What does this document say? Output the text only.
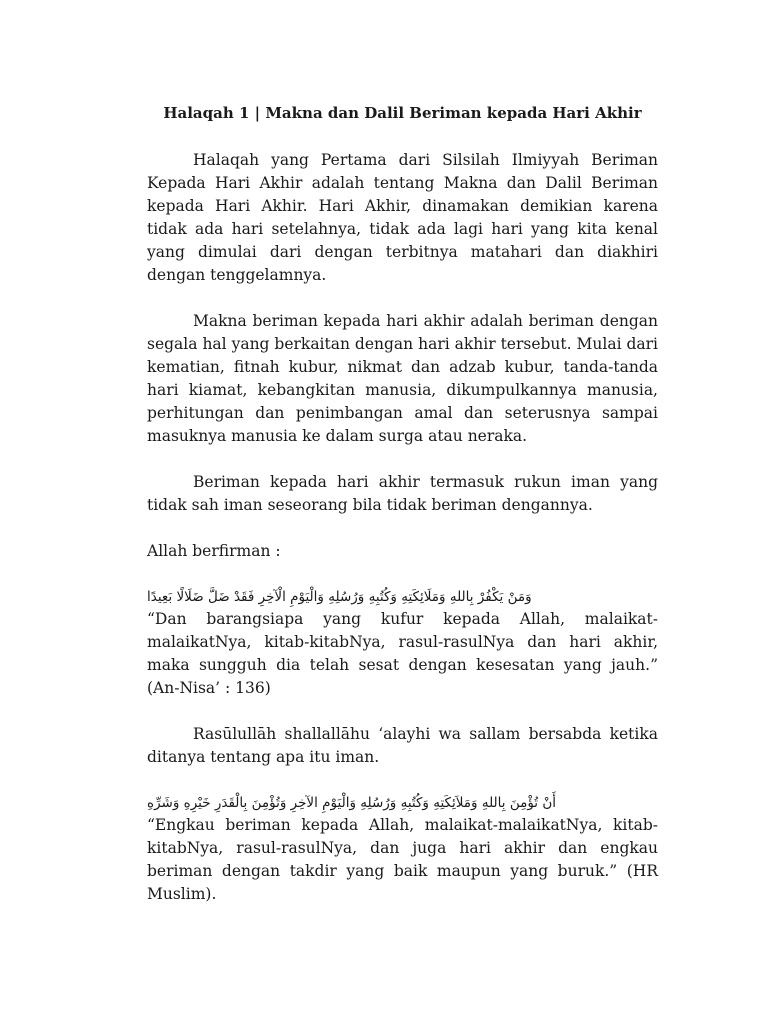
Halaqah 1 | Makna dan Dalil Beriman kepada Hari Akhir

Halaqah yang Pertama dari Silsilah Ilmiyyah Beriman Kepada Hari Akhir adalah tentang Makna dan Dalil Beriman kepada Hari Akhir. Hari Akhir, dinamakan demikian karena tidak ada hari setelahnya, tidak ada lagi hari yang kita kenal yang dimulai dari dengan terbitnya matahari dan diakhiri dengan tenggelamnya.

Makna beriman kepada hari akhir adalah beriman dengan segala hal yang berkaitan dengan hari akhir tersebut. Mulai dari kematian, fitnah kubur, nikmat dan adzab kubur, tanda-tanda hari kiamat, kebangkitan manusia, dikumpulkannya manusia, perhitungan dan penimbangan amal dan seterusnya sampai masuknya manusia ke dalam surga atau neraka.

Beriman kepada hari akhir termasuk rukun iman yang tidak sah iman seseorang bila tidak beriman dengannya.

Allah berfirman :

وَمَنْ يَكْفُرْ بِاللهِ وَمَلَائِكَتِهِ وَكُتُبِهِ وَرُسُلِهِ وَالْيَوْمِ الْآخِرِ فَقَدْ ضَلَّ ضَلَالًا بَعِيدًا

“Dan barangsiapa yang kufur kepada Allah, malaikat-malaikatNya, kitab-kitabNya, rasul-rasulNya dan hari akhir, maka sungguh dia telah sesat dengan kesesatan yang jauh.” (An-Nisa’ : 136)

Rasūlullāh shallallāhu ‘alayhi wa sallam bersabda ketika ditanya tentang apa itu iman.

أَنْ تُؤْمِنَ بِاللهِ وَمَلاَئِكَتِهِ وَكُتُبِهِ وَرُسُلِهِ وَالْيَوْمِ الآخِرِ وَتُؤْمِنَ بِالْقَدَرِ خَيْرِهِ وَشَرِّهِ

“Engkau beriman kepada Allah, malaikat-malaikatNya, kitab-kitabNya, rasul-rasulNya, dan juga hari akhir dan engkau beriman dengan takdir yang baik maupun yang buruk.” (HR Muslim).
